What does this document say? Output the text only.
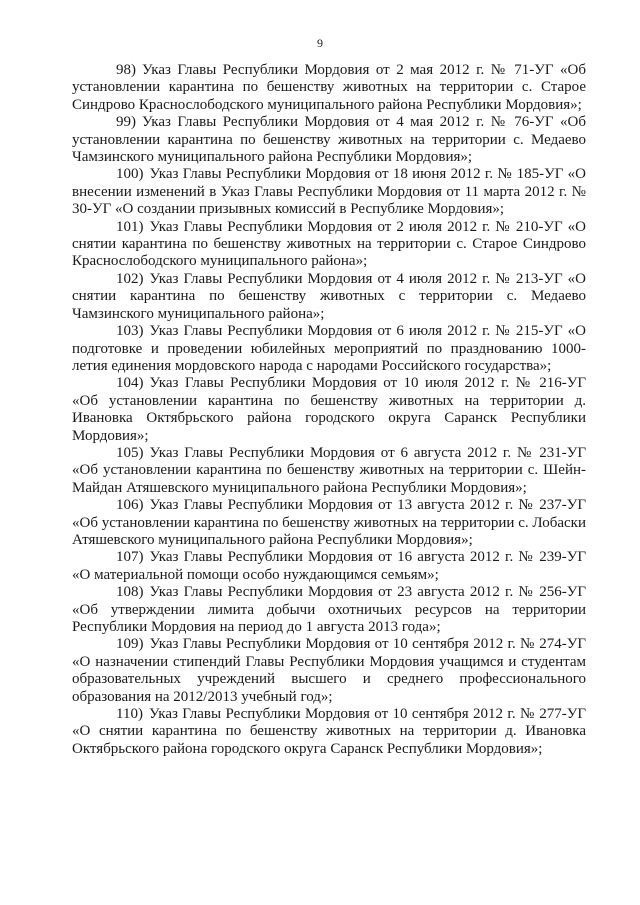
9

98) Указ Главы Республики Мордовия от 2 мая 2012 г. № 71-УГ «Об установлении карантина по бешенству животных на территории с. Старое Синдрово Краснослободского муниципального района Республики Мордовия»;

99) Указ Главы Республики Мордовия от 4 мая 2012 г. № 76-УГ «Об установлении карантина по бешенству животных на территории с. Медаево Чамзинского муниципального района Республики Мордовия»;

100) Указ Главы Республики Мордовия от 18 июня 2012 г. № 185-УГ «О внесении изменений в Указ Главы Республики Мордовия от 11 марта 2012 г. № 30-УГ «О создании призывных комиссий в Республике Мордовия»;

101) Указ Главы Республики Мордовия от 2 июля 2012 г. № 210-УГ «О снятии карантина по бешенству животных на территории с. Старое Синдрово Краснослободского муниципального района»;

102) Указ Главы Республики Мордовия от 4 июля 2012 г. № 213-УГ «О снятии карантина по бешенству животных с территории с. Медаево Чамзинского муниципального района»;

103) Указ Главы Республики Мордовия от 6 июля 2012 г. № 215-УГ «О подготовке и проведении юбилейных мероприятий по празднованию 1000-летия единения мордовского народа с народами Российского государства»;

104) Указ Главы Республики Мордовия от 10 июля 2012 г. № 216-УГ «Об установлении карантина по бешенству животных на территории д. Ивановка Октябрьского района городского округа Саранск Республики Мордовия»;

105) Указ Главы Республики Мордовия от 6 августа 2012 г. № 231-УГ «Об установлении карантина по бешенству животных на территории с. Шейн-Майдан Атяшевского муниципального района Республики Мордовия»;

106) Указ Главы Республики Мордовия от 13 августа 2012 г. № 237-УГ «Об установлении карантина по бешенству животных на территории с. Лобаски Атяшевского муниципального района Республики Мордовия»;

107) Указ Главы Республики Мордовия от 16 августа 2012 г. № 239-УГ «О материальной помощи особо нуждающимся семьям»;

108) Указ Главы Республики Мордовия от 23 августа 2012 г. № 256-УГ «Об утверждении лимита добычи охотничьих ресурсов на территории Республики Мордовия на период до 1 августа 2013 года»;

109) Указ Главы Республики Мордовия от 10 сентября 2012 г. № 274-УГ «О назначении стипендий Главы Республики Мордовия учащимся и студентам образовательных учреждений высшего и среднего профессионального образования на 2012/2013 учебный год»;

110) Указ Главы Республики Мордовия от 10 сентября 2012 г. № 277-УГ «О снятии карантина по бешенству животных на территории д. Ивановка Октябрьского района городского округа Саранск Республики Мордовия»;
